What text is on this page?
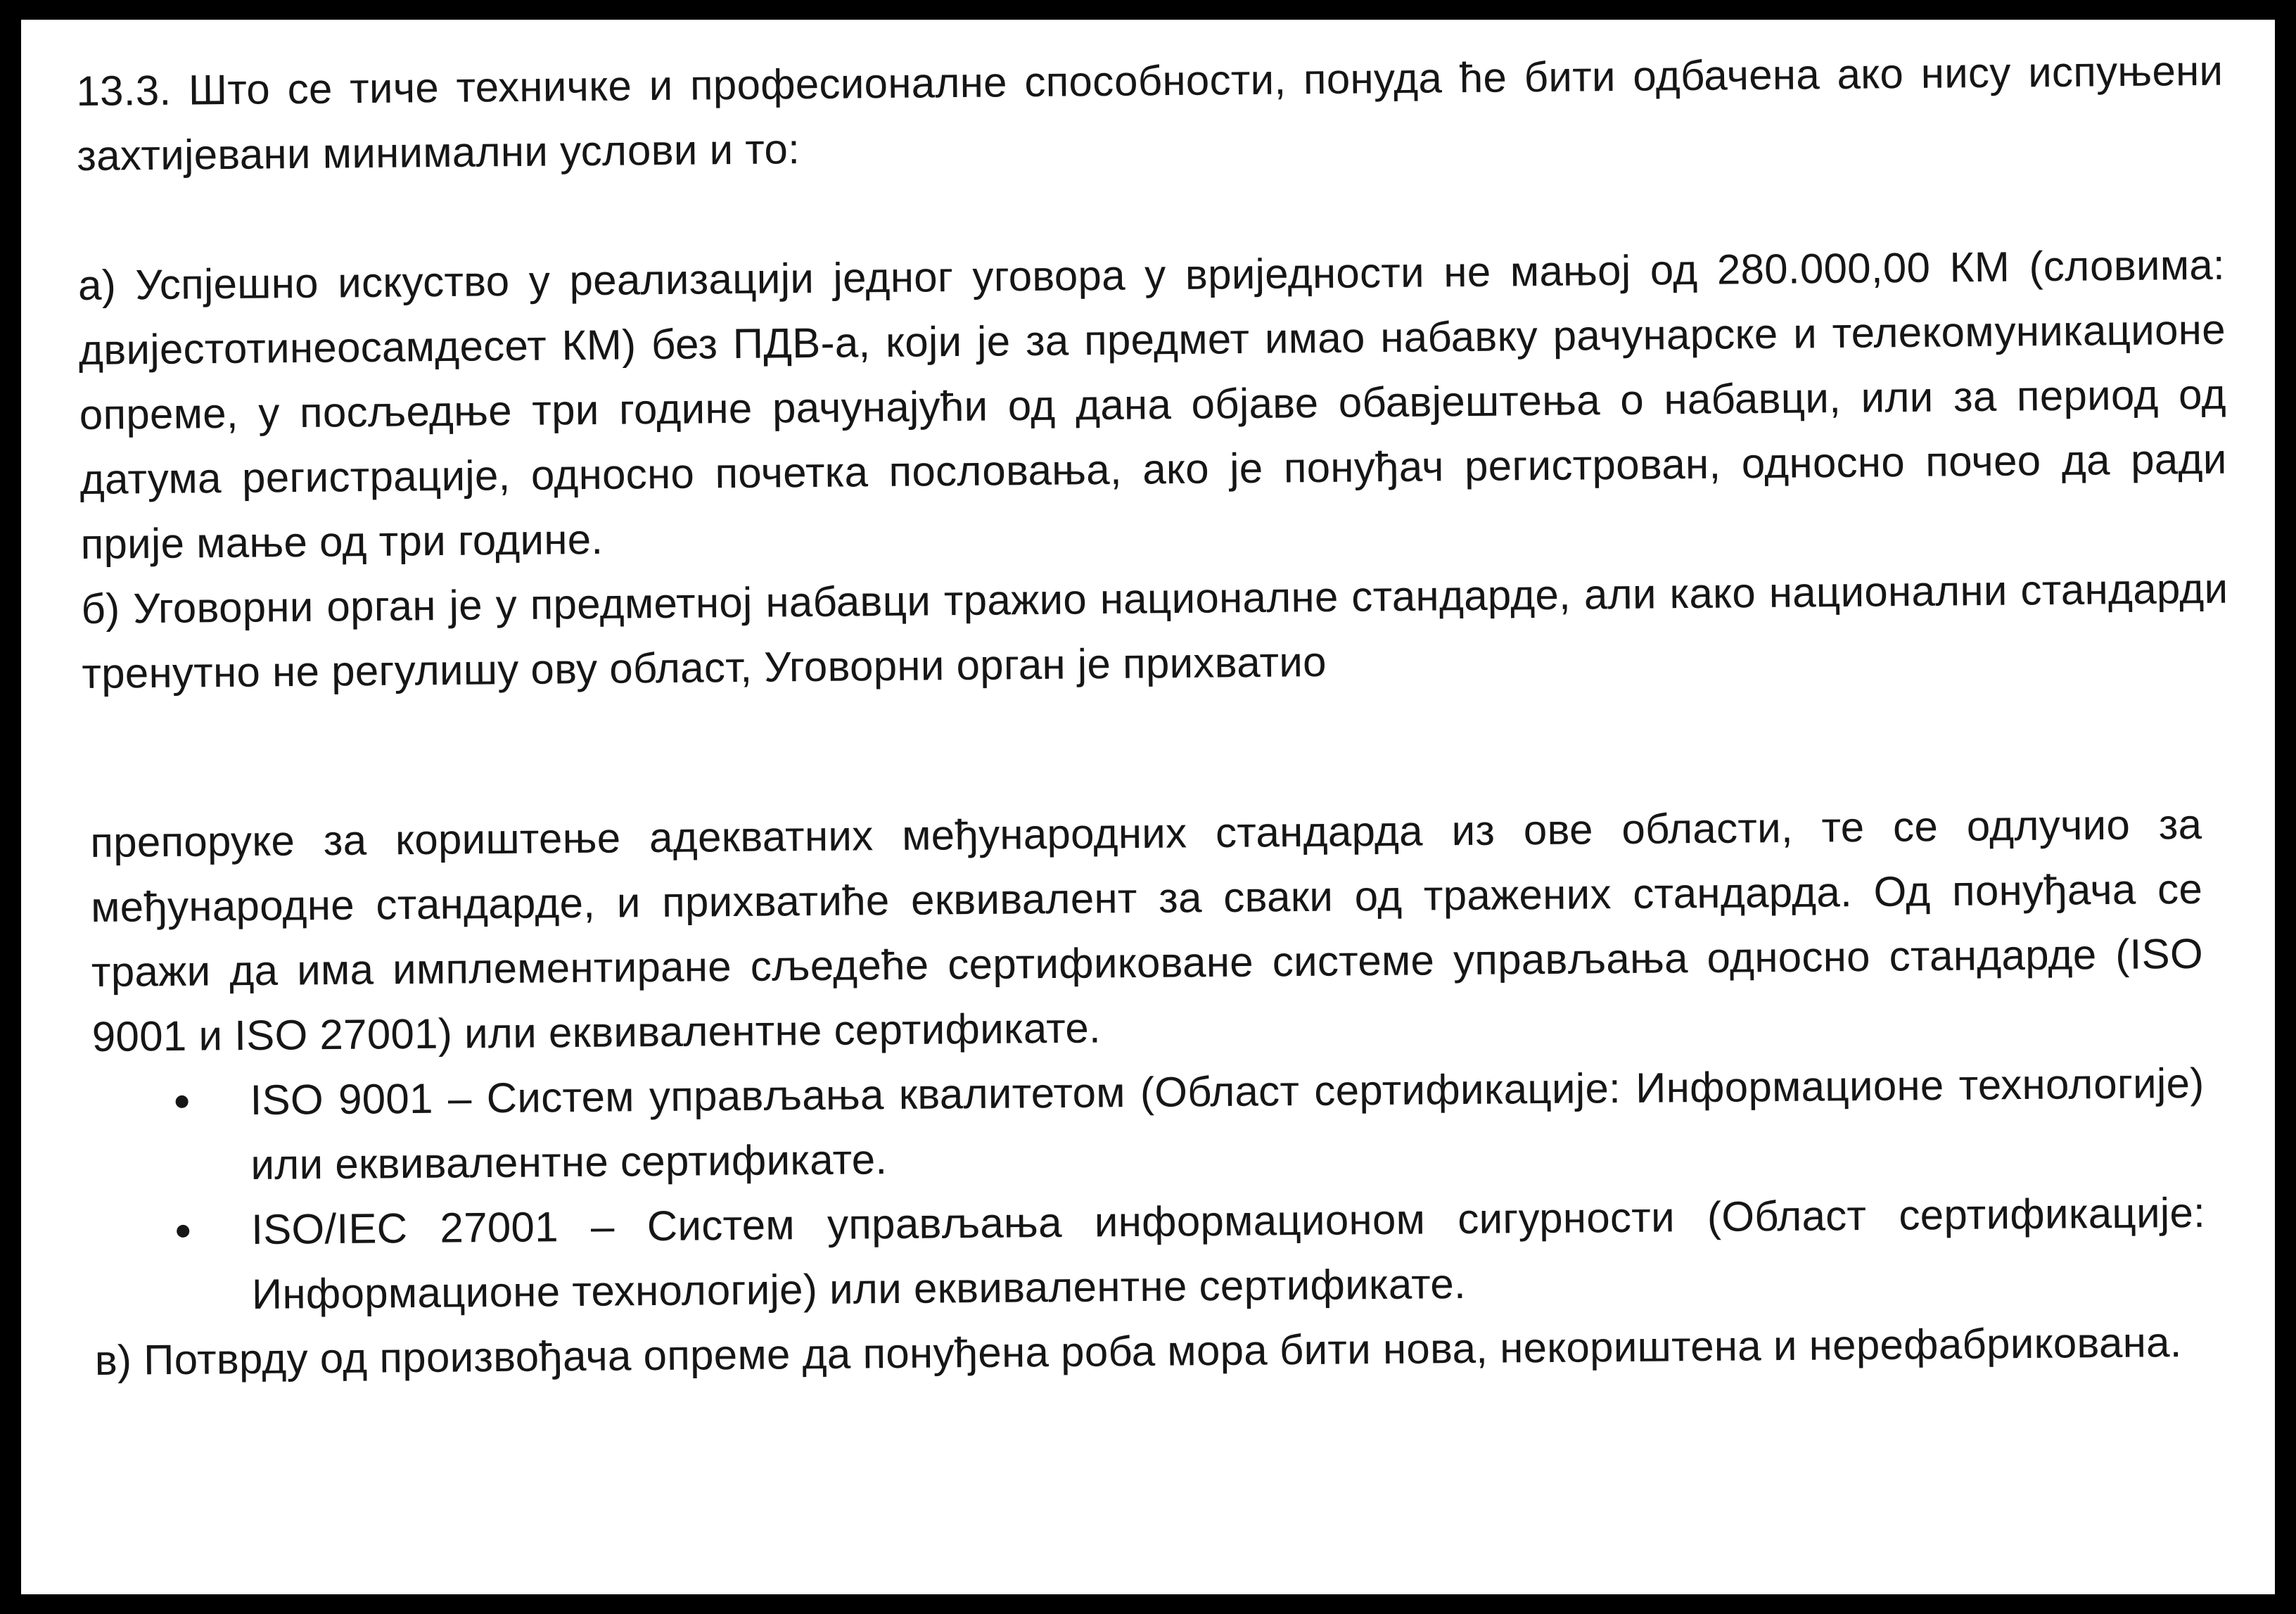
13.3. Што се тиче техничке и професионалне способности, понуда ће бити одбачена ако нису испуњени захтијевани минимални услови и то:

а) Успјешно искуство у реализацији једног уговора у вриједности не мањој од 280.000,00 КМ (словима: двијестотинеосамдесет КМ) без ПДВ-а, који је за предмет имао набавку рачунарске и телекомуникационе опреме, у посљедње три године рачунајући од дана објаве обавјештења о набавци, или за период од датума регистрације, односно почетка пословања, ако је понуђач регистрован, односно почео да ради прије мање од три године.

б) Уговорни орган је у предметној набавци тражио националне стандарде, али како национални стандарди тренутно не регулишу ову област, Уговорни орган је прихватио

препоруке за кориштење адекватних међународних стандарда из ове области, те се одлучио за међународне стандарде, и прихватиће еквивалент за сваки од тражених стандарда. Од понуђача се тражи да има имплементиране сљедеће сертификоване системе управљања односно стандарде (ISO 9001 и ISO 27001) или еквивалентне сертификате.

ISO 9001 – Систем управљања квалитетом (Област сертификације: Информационе технологије) или еквивалентне сертификате.
ISO/IEC 27001 – Систем управљања информационом сигурности (Област сертификације: Информационе технологије) или еквивалентне сертификате.

в) Потврду од произвођача опреме да понуђена роба мора бити нова, некориштена и нерефабрикована.
